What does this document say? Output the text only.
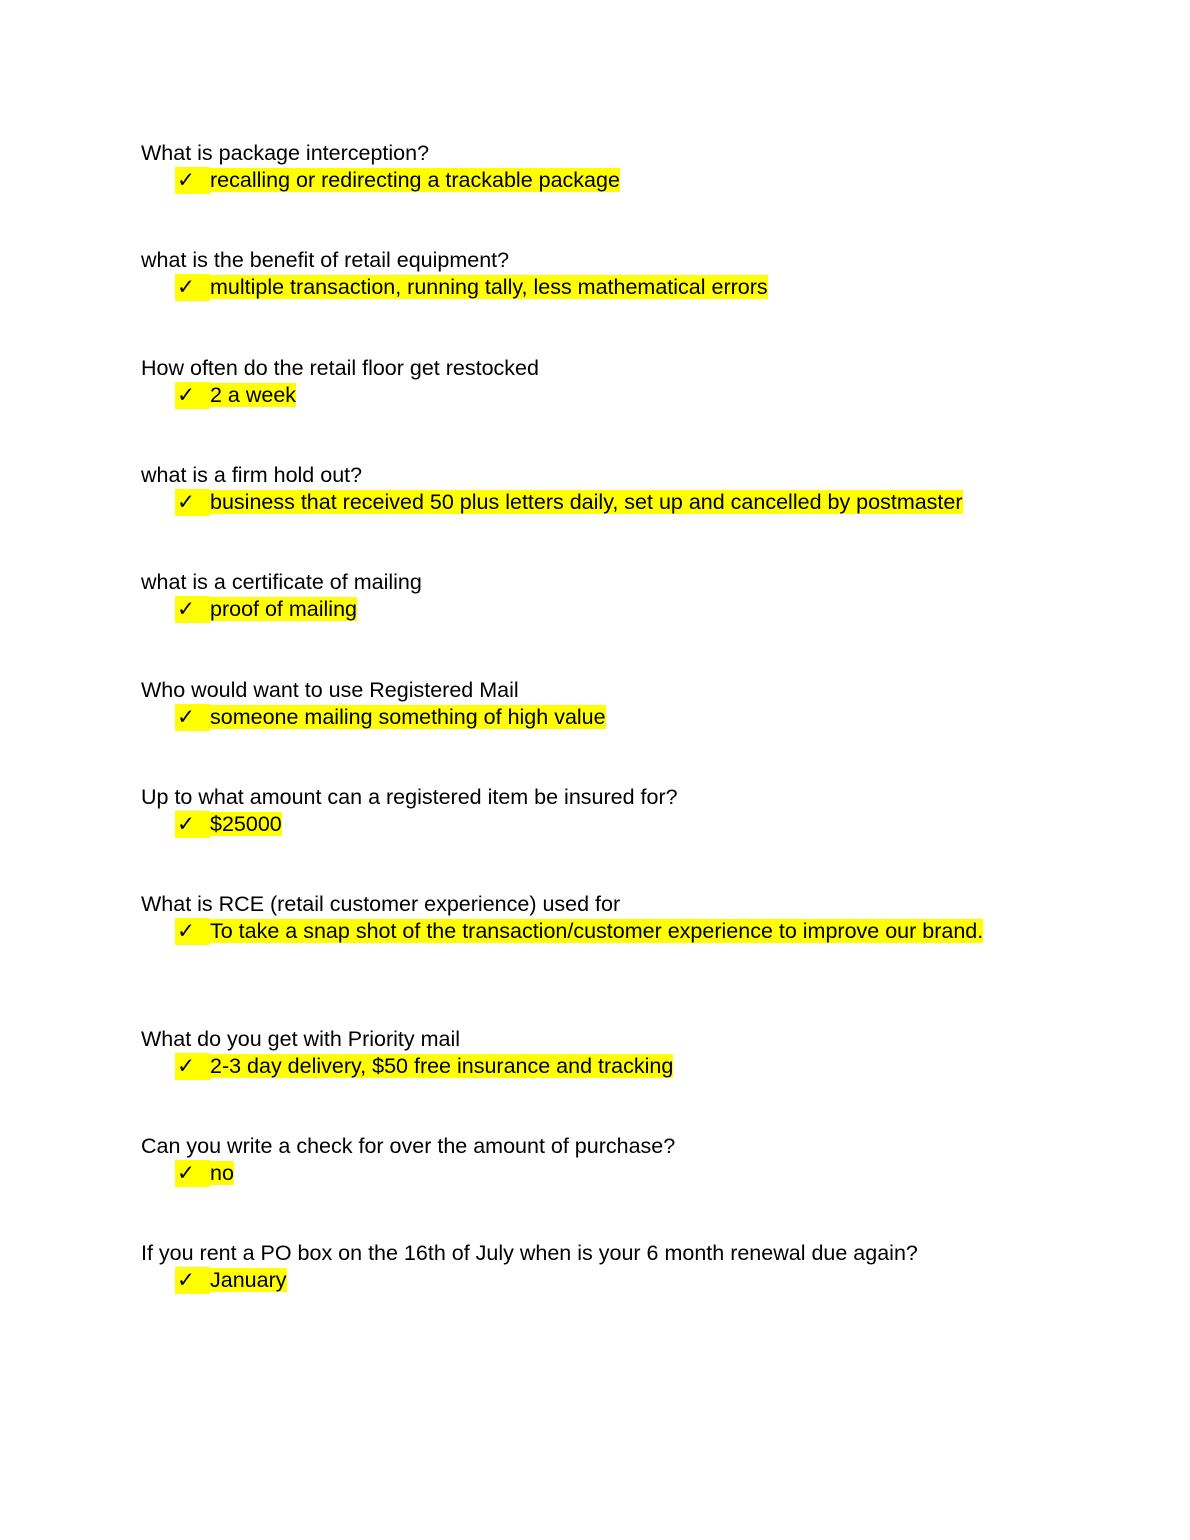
What is package interception?
✓ recalling or redirecting a trackable package
what is the benefit of retail equipment?
✓ multiple transaction, running tally, less mathematical errors
How often do the retail floor get restocked
✓ 2 a week
what is a firm hold out?
✓ business that received 50 plus letters daily, set up and cancelled by postmaster
what is a certificate of mailing
✓ proof of mailing
Who would want to use Registered Mail
✓ someone mailing something of high value
Up to what amount can a registered item be insured for?
✓ $25000
What is RCE (retail customer experience) used for
✓ To take a snap shot of the transaction/customer experience to improve our brand.
What do you get with Priority mail
✓ 2-3 day delivery, $50 free insurance and tracking
Can you write a check for over the amount of purchase?
✓ no
If you rent a PO box on the 16th of July when is your 6 month renewal due again?
✓ January
